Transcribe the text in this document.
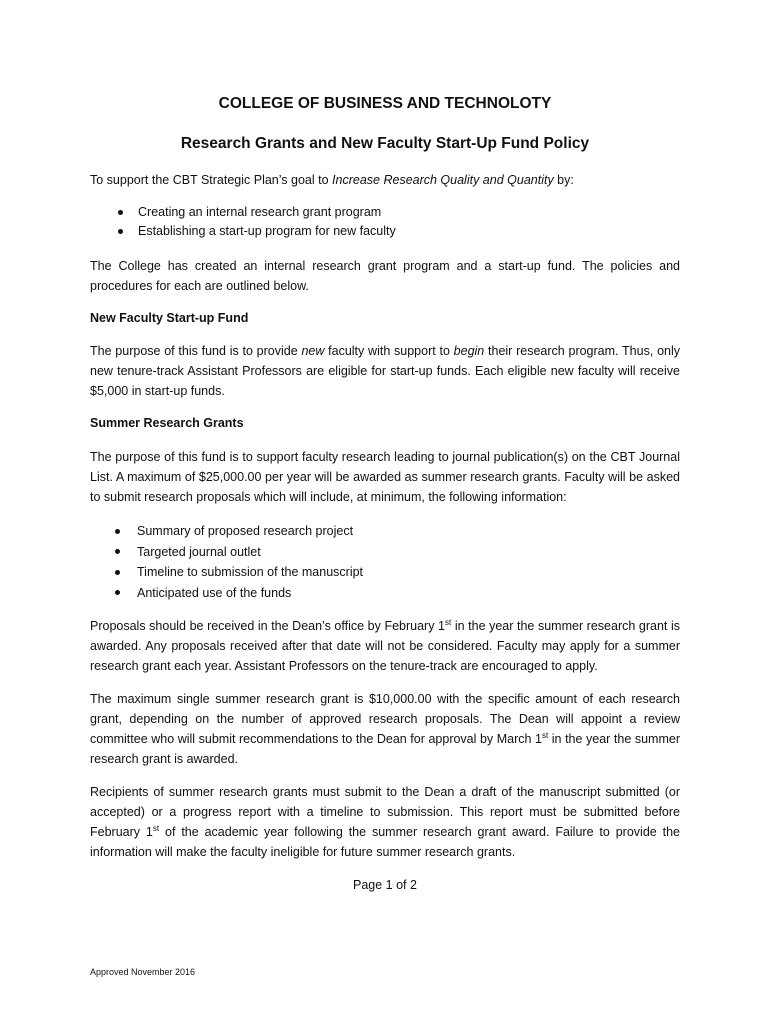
COLLEGE OF BUSINESS AND TECHNOLOTY
Research Grants and New Faculty Start-Up Fund Policy
To support the CBT Strategic Plan’s goal to Increase Research Quality and Quantity by:
Creating an internal research grant program
Establishing a start-up program for new faculty
The College has created an internal research grant program and a start-up fund. The policies and procedures for each are outlined below.
New Faculty Start-up Fund
The purpose of this fund is to provide new faculty with support to begin their research program. Thus, only new tenure-track Assistant Professors are eligible for start-up funds. Each eligible new faculty will receive $5,000 in start-up funds.
Summer Research Grants
The purpose of this fund is to support faculty research leading to journal publication(s) on the CBT Journal List. A maximum of $25,000.00 per year will be awarded as summer research grants. Faculty will be asked to submit research proposals which will include, at minimum, the following information:
Summary of proposed research project
Targeted journal outlet
Timeline to submission of the manuscript
Anticipated use of the funds
Proposals should be received in the Dean’s office by February 1st in the year the summer research grant is awarded. Any proposals received after that date will not be considered. Faculty may apply for a summer research grant each year. Assistant Professors on the tenure-track are encouraged to apply.
The maximum single summer research grant is $10,000.00 with the specific amount of each research grant, depending on the number of approved research proposals. The Dean will appoint a review committee who will submit recommendations to the Dean for approval by March 1st in the year the summer research grant is awarded.
Recipients of summer research grants must submit to the Dean a draft of the manuscript submitted (or accepted) or a progress report with a timeline to submission. This report must be submitted before February 1st of the academic year following the summer research grant award. Failure to provide the information will make the faculty ineligible for future summer research grants.
Page 1 of 2
Approved November 2016
